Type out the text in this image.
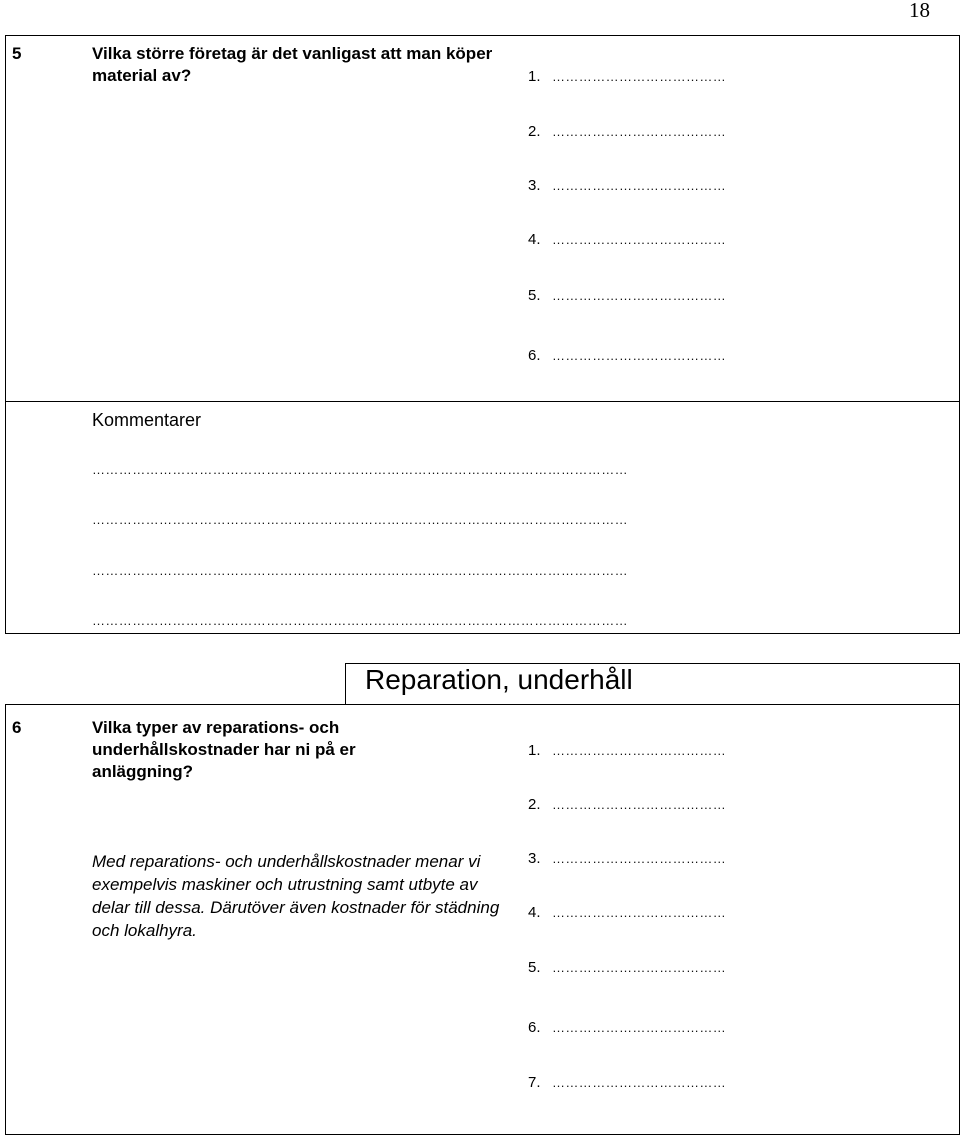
18
5	Vilka större företag är det vanligast att man köper material av?	1. …………………………………
2. …………………………………
3. …………………………………
4. …………………………………
5. …………………………………
6. …………………………………
Kommentarer
…………………………………………………………………………………………………………
…………………………………………………………………………………………………………
…………………………………………………………………………………………………………
…………………………………………………………………………………………………………
Reparation, underhåll
6	Vilka typer av reparations- och underhållskostnader har ni på er anläggning?
Med reparations- och underhållskostnader menar vi exempelvis maskiner och utrustning samt utbyte av delar till dessa. Därutöver även kostnader för städning och lokalhyra.
1. …………………………………
2. …………………………………
3. …………………………………
4. …………………………………
5. …………………………………
6. …………………………………
7. …………………………………
